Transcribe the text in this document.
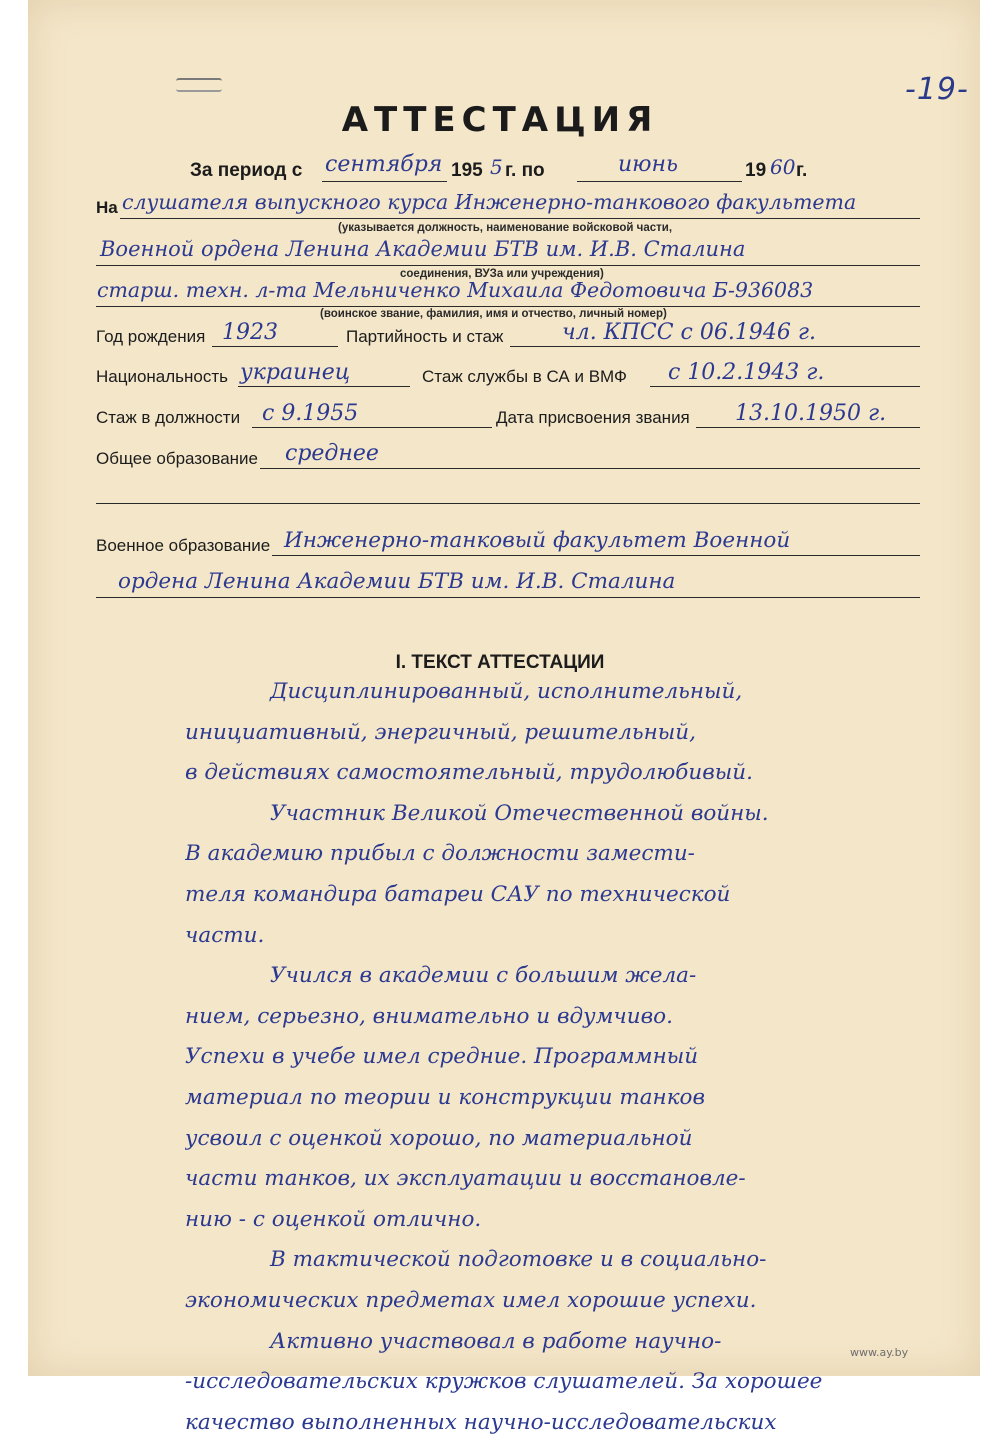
-19-
АТТЕСТАЦИЯ
За период с сентября 195 5 г. по	июнь	19 60 г.
На слушателя выпускного курса Инженерно-танкового факультета
(указывается должность, наименование войсковой части,
Военной ордена Ленина Академии БТВ им. И.В. Сталина
соединения, ВУЗа или учреждения)
старш. техн. л-та Мельниченко Михаила Федотовича Б-936083
(воинское звание, фамилия, имя и отчество, личный номер)
Год рождения 1923	Партийность и стаж	чл. КПСС с 06.1946 г.
Национальность украинец	Стаж службы в СА и ВМФ с 10.2.1943 г.
Стаж в должности с 9.1955	Дата присвоения звания 13.10.1950 г.
Общее образование среднее
Военное образование Инженерно-танковый факультет Военной
ордена Ленина Академии БТВ им. И.В. Сталина
I. ТЕКСТ АТТЕСТАЦИИ
Дисциплинированный, исполнительный,
инициативный, энергичный, решительный,
в действиях самостоятельный, трудолюбивый.
Участник Великой Отечественной войны.
В академию прибыл с должности замести-
теля командира батареи САУ по технической
части.
Учился в академии с большим жела-
нием, серьезно, внимательно и вдумчиво.
Успехи в учебе имел средние. Программный
материал по теории и конструкции танков
усвоил с оценкой хорошо, по материальной
части танков, их эксплуатации и восстановле-
нию - с оценкой отлично.
В тактической подготовке и в социально-
экономических предметах имел хорошие успехи.
Активно участвовал в работе научно-
-исследовательских кружков слушателей. За хорошее
качество выполненных научно-исследовательских
www.ay.by
